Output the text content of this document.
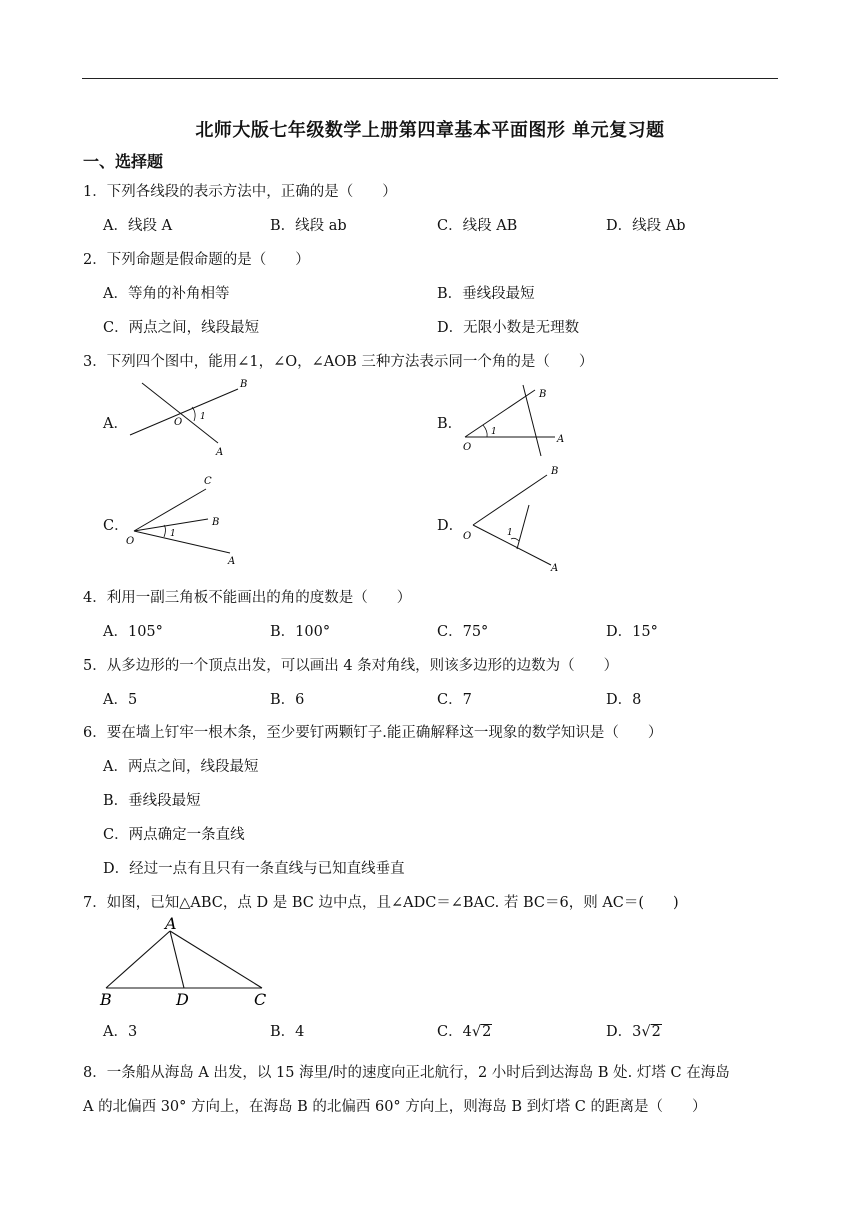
北师大版七年级数学上册第四章基本平面图形 单元复习题
一、选择题
1．下列各线段的表示方法中，正确的是（　　）
A．线段 A	B．线段 ab	C．线段 AB	D．线段 Ab
2．下列命题是假命题的是（　　）
A．等角的补角相等	B．垂线段最短
C．两点之间，线段最短	D．无限小数是无理数
3．下列四个图中，能用∠1，∠O，∠AOB 三种方法表示同一个角的是（　　）
A．
B
O 1
A
B．
B
1
A
O
C．
C
B
1
O
A
D．
B
1
O
A
4．利用一副三角板不能画出的角的度数是（　　）
A．105°	B．100°	C．75°	D．15°
5．从多边形的一个顶点出发，可以画出 4 条对角线，则该多边形的边数为（　　）
A．5	B．6	C．7	D．8
6．要在墙上钉牢一根木条，至少要钉两颗钉子.能正确解释这一现象的数学知识是（　　）
A．两点之间，线段最短
B．垂线段最短
C．两点确定一条直线
D．经过一点有且只有一条直线与已知直线垂直
7．如图，已知△ABC，点 D 是 BC 边中点，且∠ADC＝∠BAC. 若 BC＝6，则 AC＝(　　)
A
B	D	C
A．3	B．4	C．4√2	D．3√2
8．一条船从海岛 A 出发，以 15 海里/时的速度向正北航行，2 小时后到达海岛 B 处. 灯塔 C 在海岛
A 的北偏西 30° 方向上，在海岛 B 的北偏西 60° 方向上，则海岛 B 到灯塔 C 的距离是（　　）
